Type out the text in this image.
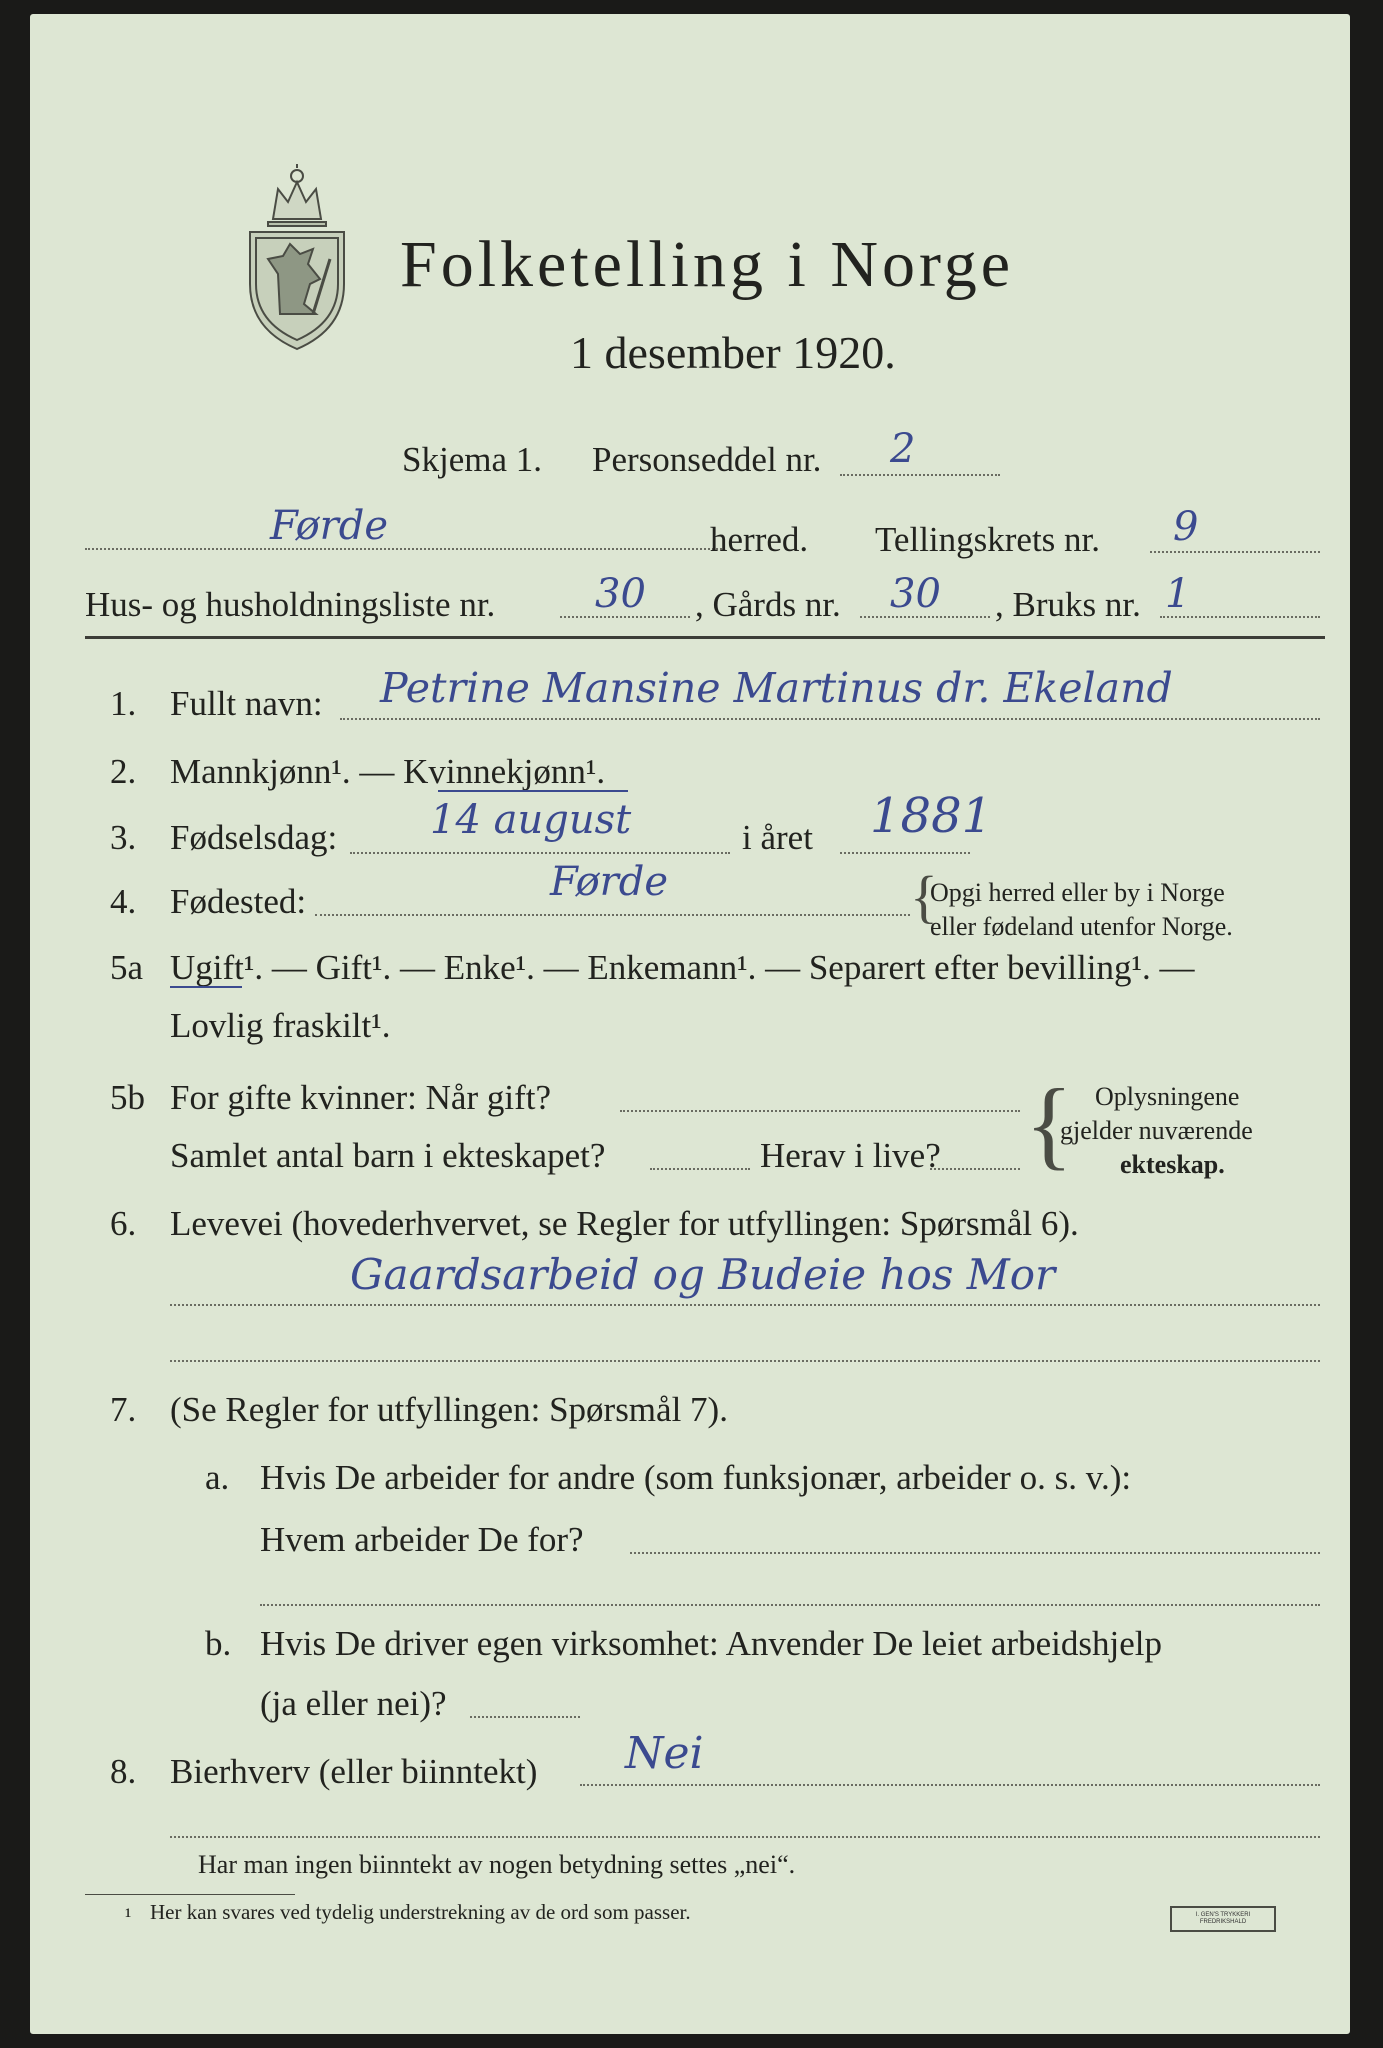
Folketelling i Norge
1 desember 1920.
Skjema 1. Personseddel nr. 2
Førde	herred. Tellingskrets nr. 9
Hus- og husholdningsliste nr. 30 , Gårds nr. 30 , Bruks nr. 1
1. Fullt navn: Petrine Mansine Martinus dr. Ekeland
2. Mannkjønn¹. — Kvinnekjønn¹.
3. Fødselsdag: 14 august	i året 1881
4. Fødested:	Førde	{
Opgi herred eller by i Norge
eller fødeland utenfor Norge.
5a Ugift¹. — Gift¹. — Enke¹. — Enkemann¹. — Separert efter bevilling¹. —
Lovlig fraskilt¹.
5b For gifte kvinner: Når gift?
Samlet antal barn i ekteskapet?	Herav i live? { Oplysningene
gjelder nuværende
ekteskap.
6. Levevei (hovederhvervet, se Regler for utfyllingen: Spørsmål 6).
Gaardsarbeid og Budeie hos Mor
7. (Se Regler for utfyllingen: Spørsmål 7).
a. Hvis De arbeider for andre (som funksjonær, arbeider o. s. v.):
Hvem arbeider De for?
b. Hvis De driver egen virksomhet: Anvender De leiet arbeidshjelp
(ja eller nei)?
8. Bierhverv (eller biinntekt) Nei
Har man ingen biinntekt av nogen betydning settes „nei“.
¹ Her kan svares ved tydelig understrekning av de ord som passer.	I. GEN'S TRYKKERI FREDRIKSHALD
